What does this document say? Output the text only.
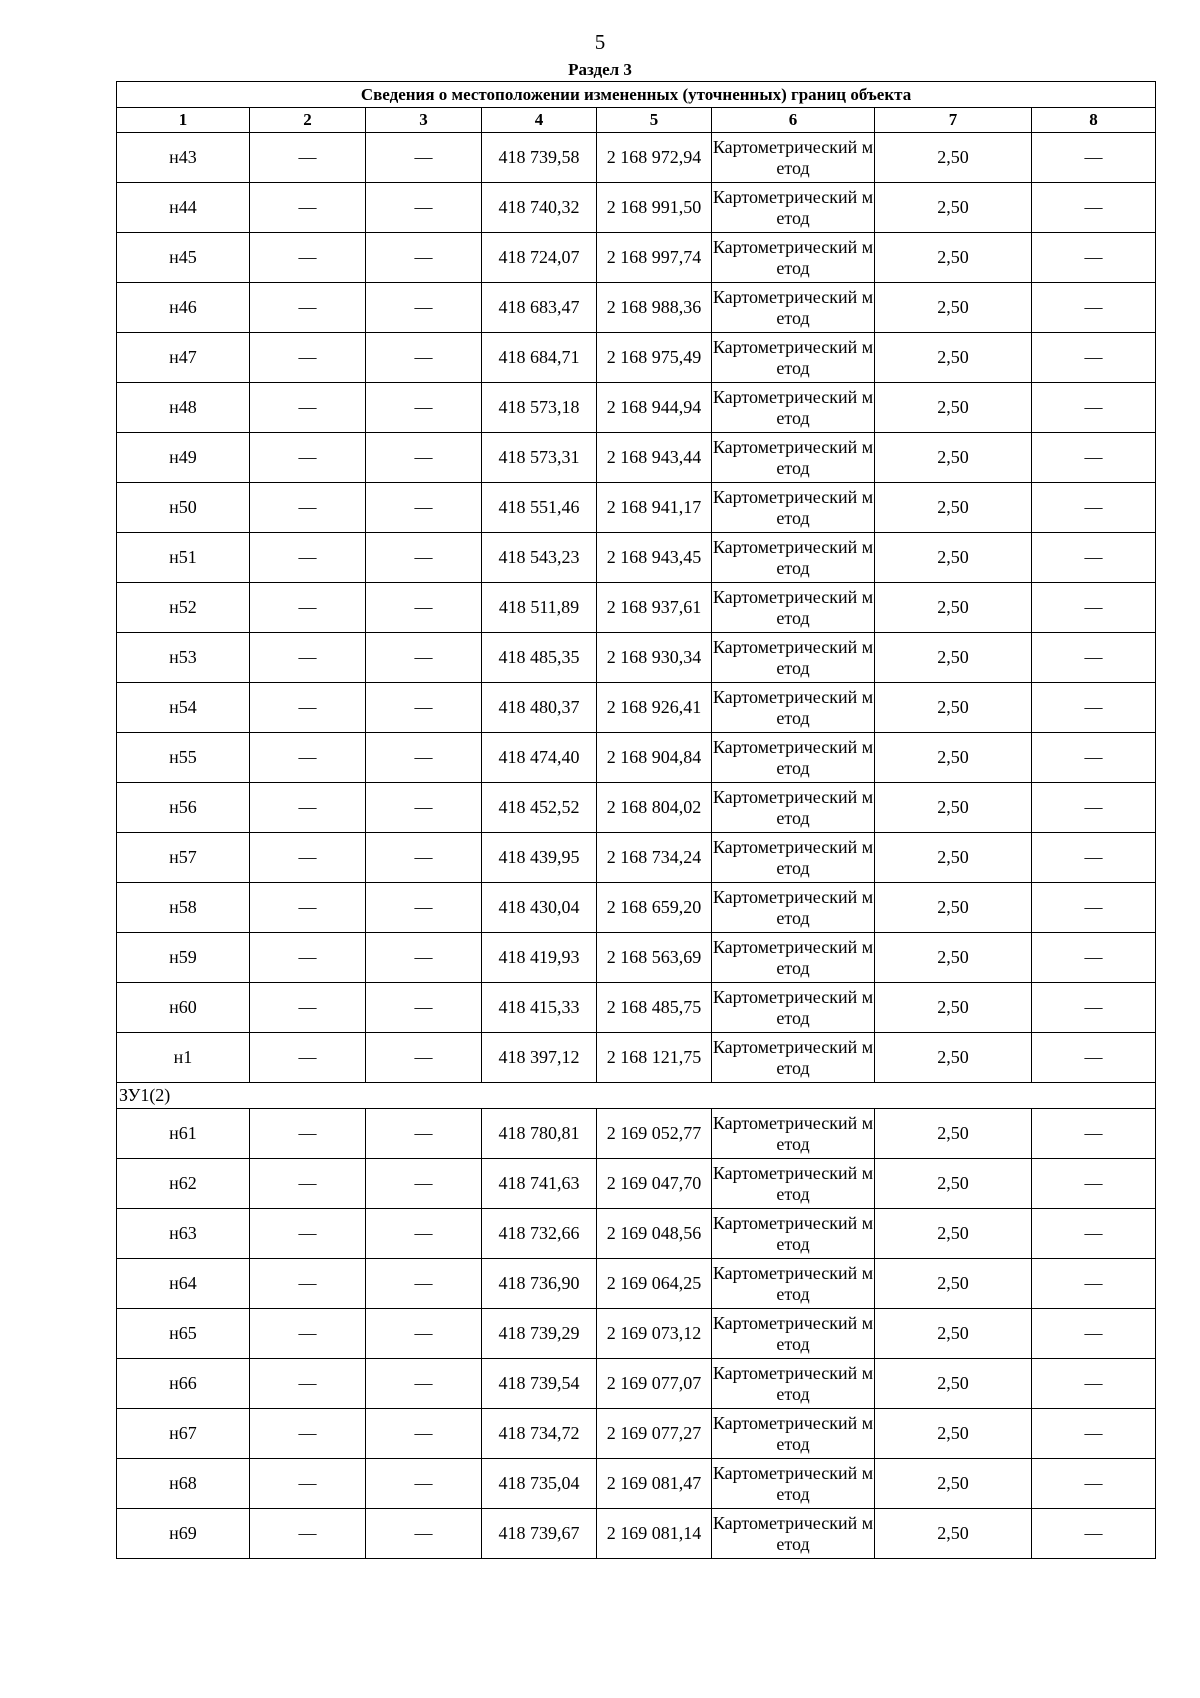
5
Раздел 3
Сведения о местоположении измененных (уточненных) границ объекта							
1	2	3	4	5	6	7	8
н43	—	—	418 739,58	2 168 972,94	Картометрический метод	2,50	—
н44	—	—	418 740,32	2 168 991,50	Картометрический метод	2,50	—
н45	—	—	418 724,07	2 168 997,74	Картометрический метод	2,50	—
н46	—	—	418 683,47	2 168 988,36	Картометрический метод	2,50	—
н47	—	—	418 684,71	2 168 975,49	Картометрический метод	2,50	—
н48	—	—	418 573,18	2 168 944,94	Картометрический метод	2,50	—
н49	—	—	418 573,31	2 168 943,44	Картометрический метод	2,50	—
н50	—	—	418 551,46	2 168 941,17	Картометрический метод	2,50	—
н51	—	—	418 543,23	2 168 943,45	Картометрический метод	2,50	—
н52	—	—	418 511,89	2 168 937,61	Картометрический метод	2,50	—
н53	—	—	418 485,35	2 168 930,34	Картометрический метод	2,50	—
н54	—	—	418 480,37	2 168 926,41	Картометрический метод	2,50	—
н55	—	—	418 474,40	2 168 904,84	Картометрический метод	2,50	—
н56	—	—	418 452,52	2 168 804,02	Картометрический метод	2,50	—
н57	—	—	418 439,95	2 168 734,24	Картометрический метод	2,50	—
н58	—	—	418 430,04	2 168 659,20	Картометрический метод	2,50	—
н59	—	—	418 419,93	2 168 563,69	Картометрический метод	2,50	—
н60	—	—	418 415,33	2 168 485,75	Картометрический метод	2,50	—
н1	—	—	418 397,12	2 168 121,75	Картометрический метод	2,50	—
ЗУ1(2)							
н61	—	—	418 780,81	2 169 052,77	Картометрический метод	2,50	—
н62	—	—	418 741,63	2 169 047,70	Картометрический метод	2,50	—
н63	—	—	418 732,66	2 169 048,56	Картометрический метод	2,50	—
н64	—	—	418 736,90	2 169 064,25	Картометрический метод	2,50	—
н65	—	—	418 739,29	2 169 073,12	Картометрический метод	2,50	—
н66	—	—	418 739,54	2 169 077,07	Картометрический метод	2,50	—
н67	—	—	418 734,72	2 169 077,27	Картометрический метод	2,50	—
н68	—	—	418 735,04	2 169 081,47	Картометрический метод	2,50	—
н69	—	—	418 739,67	2 169 081,14	Картометрический метод	2,50	—
